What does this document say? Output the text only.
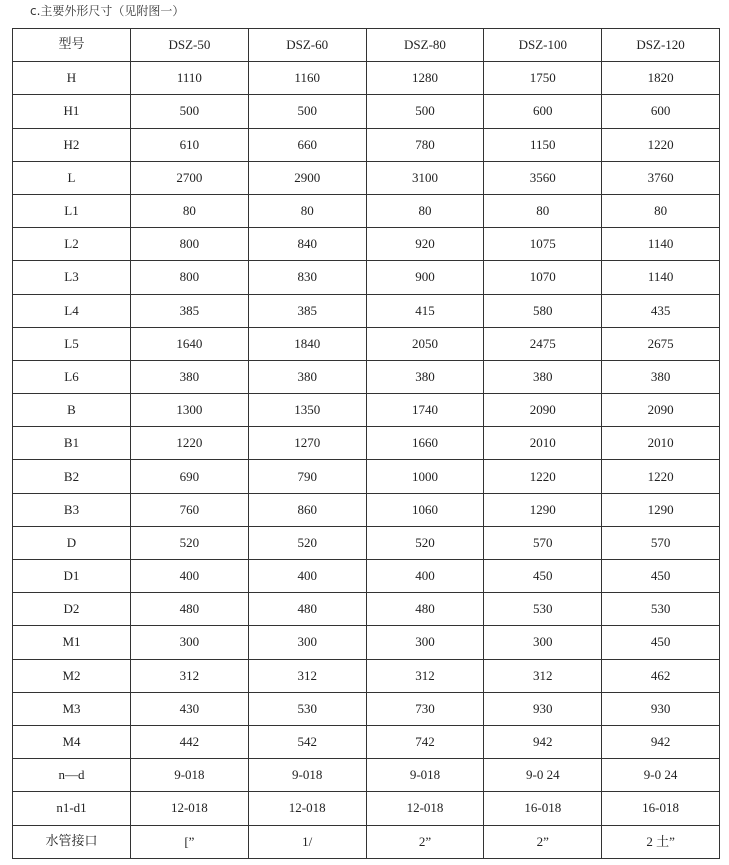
c.主要外形尺寸（见附图一）
型号	DSZ-50	DSZ-60	DSZ-80	DSZ-100	DSZ-120
H	1110	1160	1280	1750	1820
H1	500	500	500	600	600
H2	610	660	780	1150	1220
L	2700	2900	3100	3560	3760
L1	80	80	80	80	80
L2	800	840	920	1075	1140
L3	800	830	900	1070	1140
L4	385	385	415	580	435
L5	1640	1840	2050	2475	2675
L6	380	380	380	380	380
B	1300	1350	1740	2090	2090
B1	1220	1270	1660	2010	2010
B2	690	790	1000	1220	1220
B3	760	860	1060	1290	1290
D	520	520	520	570	570
D1	400	400	400	450	450
D2	480	480	480	530	530
M1	300	300	300	300	450
M2	312	312	312	312	462
M3	430	530	730	930	930
M4	442	542	742	942	942
n—d	9-018	9-018	9-018	9-0 24	9-0 24
n1-d1	12-018	12-018	12-018	16-018	16-018
水管接口	[”	1/	2”	2”	2 土”
